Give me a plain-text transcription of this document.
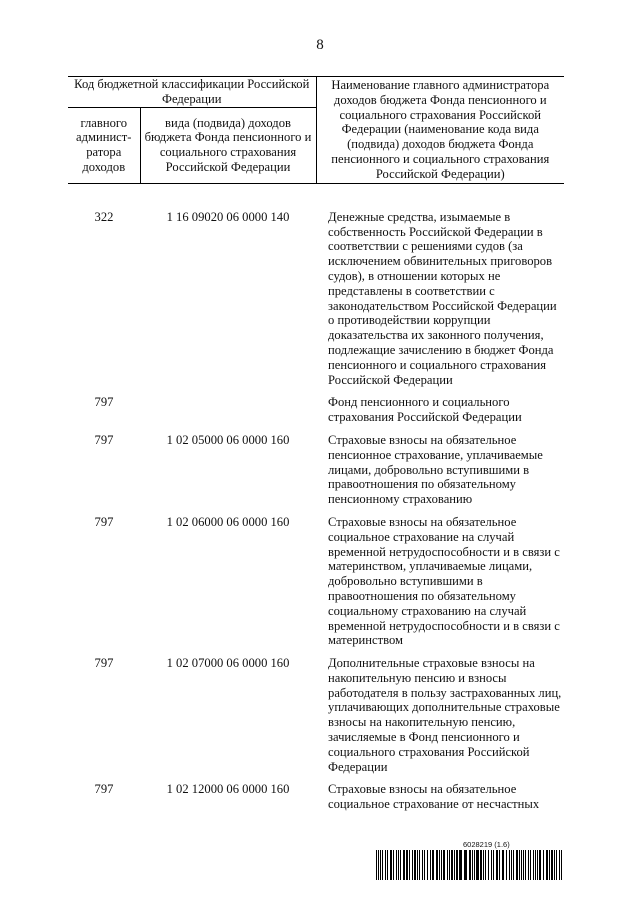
8
Код бюджетной классификации Российской Федерации		Наименование главного администратора доходов бюджета Фонда пенсионного и социального страхования Российской Федерации (наименование кода вида (подвида) доходов бюджета Фонда пенсионного и социального страхования Российской Федерации)
главного админист-ратора доходов	вида (подвида) доходов бюджета Фонда пенсионного и социального страхования Российской Федерации	

322	1 16 09020 06 0000 140	Денежные средства, изымаемые в собственность Российской Федерации в соответствии с решениями судов (за исключением обвинительных приговоров судов), в отношении которых не представлены в соответствии с законодательством Российской Федерации о противодействии коррупции доказательства их законного получения, подлежащие зачислению в бюджет Фонда пенсионного и социального страхования Российской Федерации
797		Фонд пенсионного и социального страхования Российской Федерации
797	1 02 05000 06 0000 160	Страховые взносы на обязательное пенсионное страхование, уплачиваемые лицами, добровольно вступившими в правоотношения по обязательному пенсионному страхованию
797	1 02 06000 06 0000 160	Страховые взносы на обязательное социальное страхование на случай временной нетрудоспособности и в связи с материнством, уплачиваемые лицами, добровольно вступившими в правоотношения по обязательному социальному страхованию на случай временной нетрудоспособности и в связи с материнством
797	1 02 07000 06 0000 160	Дополнительные страховые взносы на накопительную пенсию и взносы работодателя в пользу застрахованных лиц, уплачивающих дополнительные страховые взносы на накопительную пенсию, зачисляемые в Фонд пенсионного и социального страхования Российской Федерации
797	1 02 12000 06 0000 160	Страховые взносы на обязательное социальное страхование от несчастных
6028219 (1.6)
